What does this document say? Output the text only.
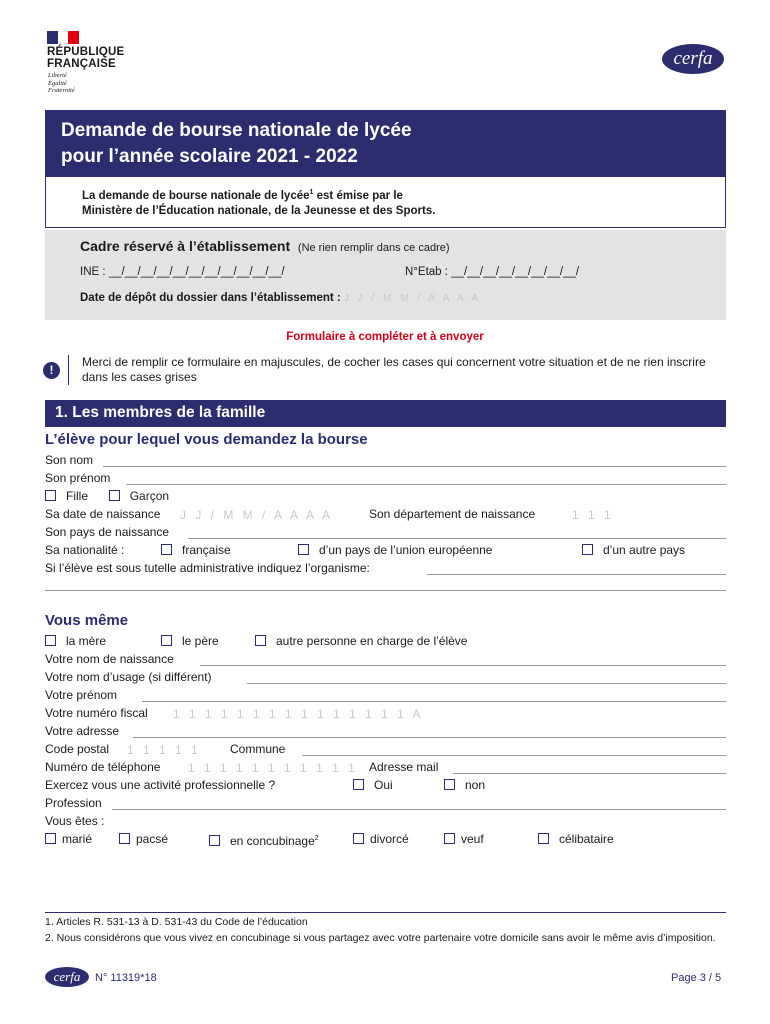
RÉPUBLIQUE
FRANÇAISE
Liberté
Égalité
Fraternité
cerfa
Demande de bourse nationale de lycée
pour l’année scolaire 2021 - 2022
La demande de bourse nationale de lycée$^1$ est émise par le
Ministère de l’Éducation nationale, de la Jeunesse et des Sports.
Cadre réservé à l’établissement (Ne rien remplir dans ce cadre)
INE : __/__/__/__/__/__/__/__/__/__/__/	N°Etab : __/__/__/__/__/__/__/__/
Date de dépôt du dossier dans l’établissement : J J / M M / A A A A
Formulaire à compléter et à envoyer
!
Merci de remplir ce formulaire en majuscules, de cocher les cases qui concernent votre situation et de ne rien inscrire dans les cases grises
1. Les membres de la famille
L’élève pour lequel vous demandez la bourse
Son nom
Son prénom
Fille	Garçon
Sa date de naissance J J / M M / A A A A	Son département de naissance	1 1 1
Son pays de naissance
Sa nationalité :	française	d’un pays de l’union européenne	d’un autre pays
Si l’élève est sous tutelle administrative indiquez l’organisme:
Vous même
la mère	le père	autre personne en charge de l’élève
Votre nom de naissance
Votre nom d’usage (si différent)
Votre prénom
Votre numéro fiscal 1 1 1 1 1 1 1 1 1 1 1 1 1 1 1 A
Votre adresse
Code postal 1 1 1 1 1 Commune
Numéro de téléphone 1 1 1 1 1 1 1 1 1 1 1 Adresse mail
Exercez vous une activité professionnelle ?	Oui	non
Profession
Vous êtes :
marié	pacsé	en concubinage$^2$	divorcé	veuf	célibataire
1. Articles R. 531-13 à D. 531-43 du Code de l’éducation
2. Nous considérons que vous vivez en concubinage si vous partagez avec votre partenaire votre domicile sans avoir le même avis d’imposition.
cerfa	N° 11319*18	Page 3 / 5
